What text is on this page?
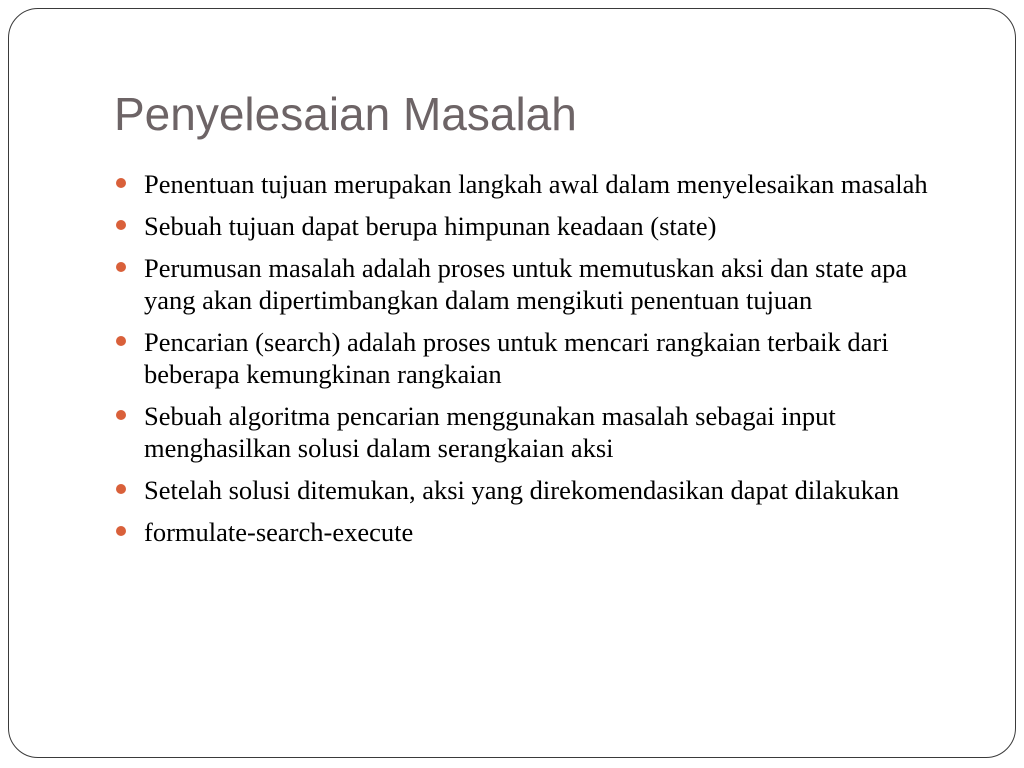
Penyelesaian Masalah
Penentuan tujuan merupakan langkah awal dalam menyelesaikan masalah
Sebuah tujuan dapat berupa himpunan keadaan (state)
Perumusan masalah adalah proses untuk memutuskan aksi dan state apa yang akan dipertimbangkan dalam mengikuti penentuan tujuan
Pencarian (search) adalah proses untuk mencari rangkaian terbaik dari beberapa kemungkinan rangkaian
Sebuah algoritma pencarian menggunakan masalah sebagai input menghasilkan solusi dalam serangkaian aksi
Setelah solusi ditemukan, aksi yang direkomendasikan dapat dilakukan
formulate-search-execute
